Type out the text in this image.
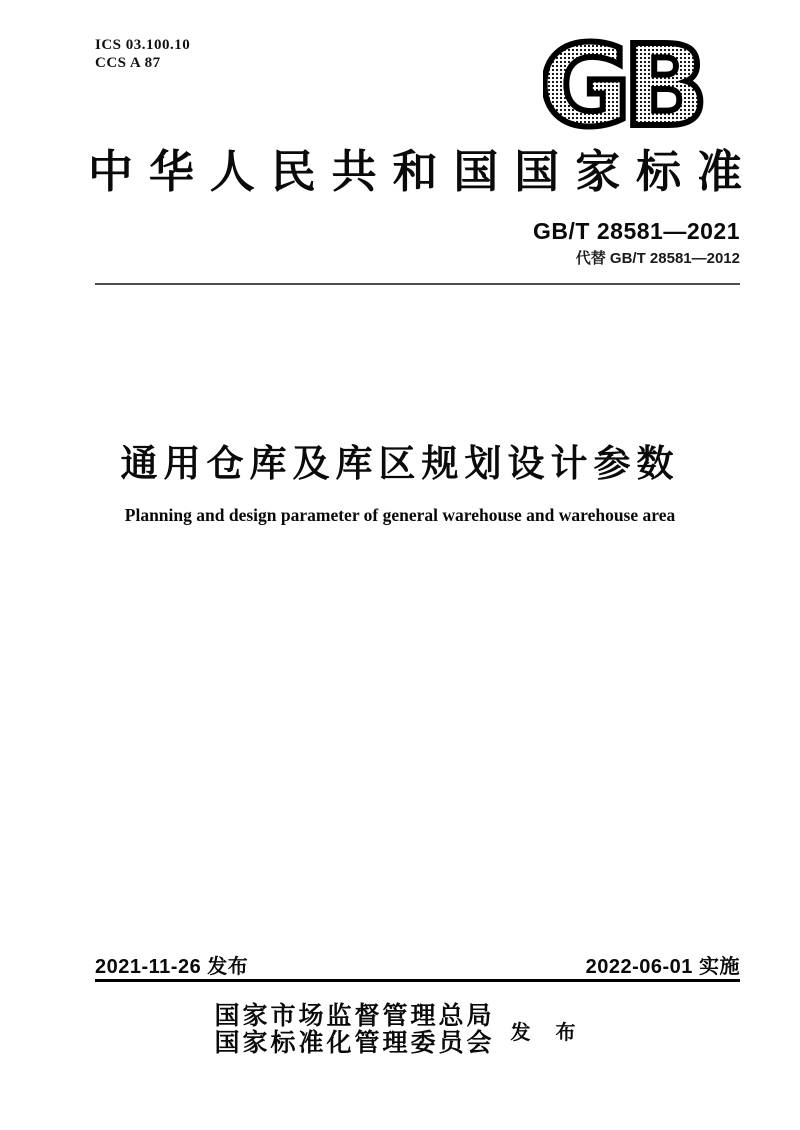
ICS 03.100.10
CCS A 87	GB
中华人民共和国国家标准
GB/T 28581—2021
代替 GB/T 28581—2012
通用仓库及库区规划设计参数
Planning and design parameter of general warehouse and warehouse area
2021-11-26 发布	2022-06-01 实施
国家市场监督管理总局
国家标准化管理委员会 发 布
